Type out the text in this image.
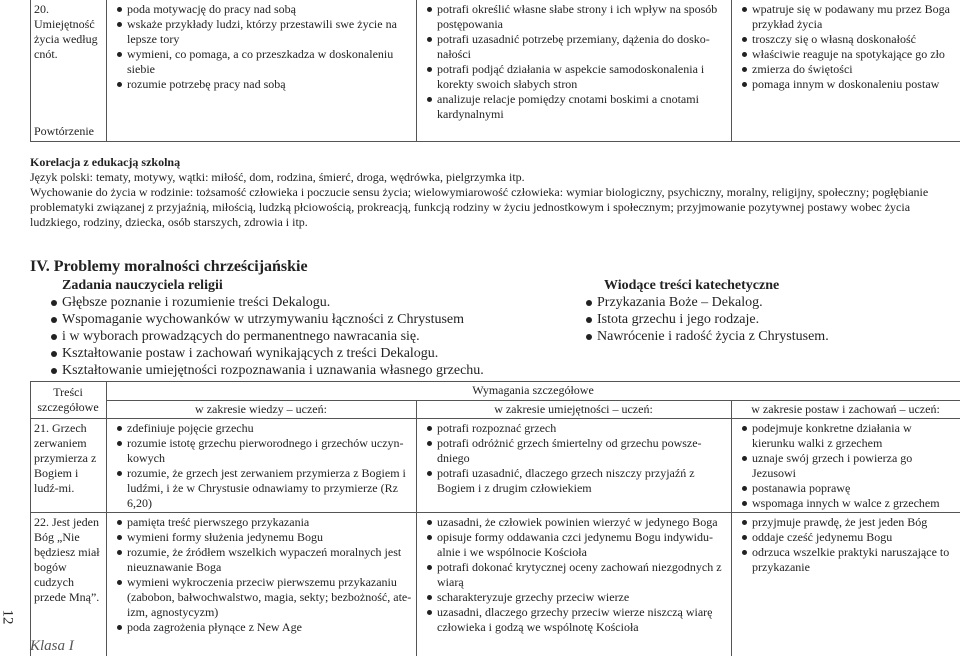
20. Umiejętność życia według cnót.
Powtórzenie
poda motywację do pracy nad sobą
wskaże przykłady ludzi, którzy przestawili swe życie na lepsze tory
wymieni, co pomaga, a co przeszkadza w doskonaleniu siebie
rozumie potrzebę pracy nad sobą
potrafi określić własne słabe strony i ich wpływ na sposób postępowania
potrafi uzasadnić potrzebę przemiany, dążenia do dosko-nałości
potrafi podjąć działania w aspekcie samodoskonalenia i korekty swoich słabych stron
analizuje relacje pomiędzy cnotami boskimi a cnotami kardynalnymi
wpatruje się w podawany mu przez Boga przykład życia
troszczy się o własną doskonałość
właściwie reaguje na spotykające go zło
zmierza do świętości
pomaga innym w doskonaleniu postaw
Korelacja z edukacją szkolną
Język polski: tematy, motywy, wątki: miłość, dom, rodzina, śmierć, droga, wędrówka, pielgrzymka itp.
Wychowanie do życia w rodzinie: tożsamość człowieka i poczucie sensu życia; wielowymiarowość człowieka: wymiar biologiczny, psychiczny, moralny, religijny, społeczny; pogłębianie problematyki związanej z przyjaźnią, miłością, ludzką płciowością, prokreacją, funkcją rodziny w życiu jednostkowym i społecznym; przyjmowanie pozytywnej postawy wobec życia ludzkiego, rodziny, dziecka, osób starszych, zdrowia i itp.
IV. Problemy moralności chrześcijańskie
Zadania nauczyciela religii
Głębsze poznanie i rozumienie treści Dekalogu.
Wspomaganie wychowanków w utrzymywaniu łączności z Chrystusem
i w wyborach prowadzących do permanentnego nawracania się.
Kształtowanie postaw i zachowań wynikających z treści Dekalogu.
Kształtowanie umiejętności rozpoznawania i uznawania własnego grzechu.
Wiodące treści katechetyczne
Przykazania Boże – Dekalog.
Istota grzechu i jego rodzaje.
Nawrócenie i radość życia z Chrystusem.
Treści szczegółowe
Wymagania szczegółowe
w zakresie wiedzy – uczeń:	w zakresie umiejętności – uczeń:	w zakresie postaw i zachowań – uczeń:
21. Grzech zerwaniem przymierza z Bogiem i ludź-mi.
zdefiniuje pojęcie grzechu
rozumie istotę grzechu pierworodnego i grzechów uczyn-kowych
rozumie, że grzech jest zerwaniem przymierza z Bogiem i ludźmi, i że w Chrystusie odnawiamy to przymierze (Rz 6,20)
potrafi rozpoznać grzech
potrafi odróżnić grzech śmiertelny od grzechu powsze-dniego
potrafi uzasadnić, dlaczego grzech niszczy przyjaźń z Bogiem i z drugim człowiekiem
podejmuje konkretne działania w kierunku walki z grzechem
uznaje swój grzech i powierza go Jezusowi
postanawia poprawę
wspomaga innych w walce z grzechem
22. Jest jeden Bóg „Nie będziesz miał bogów cudzych przede Mną”.
pamięta treść pierwszego przykazania
wymieni formy służenia jedynemu Bogu
rozumie, że źródłem wszelkich wypaczeń moralnych jest nieuznawanie Boga
wymieni wykroczenia przeciw pierwszemu przykazaniu (zabobon, bałwochwalstwo, magia, sekty; bezbożność, ate-izm, agnostycyzm)
poda zagrożenia płynące z New Age
uzasadni, że człowiek powinien wierzyć w jedynego Boga
opisuje formy oddawania czci jedynemu Bogu indywidu-alnie i we wspólnocie Kościoła
potrafi dokonać krytycznej oceny zachowań niezgodnych z wiarą
scharakteryzuje grzechy przeciw wierze
uzasadni, dlaczego grzechy przeciw wierze niszczą wiarę człowieka i godzą we wspólnotę Kościoła
przyjmuje prawdę, że jest jeden Bóg
oddaje cześć jedynemu Bogu
odrzuca wszelkie praktyki naruszające to przykazanie
12
Klasa I
